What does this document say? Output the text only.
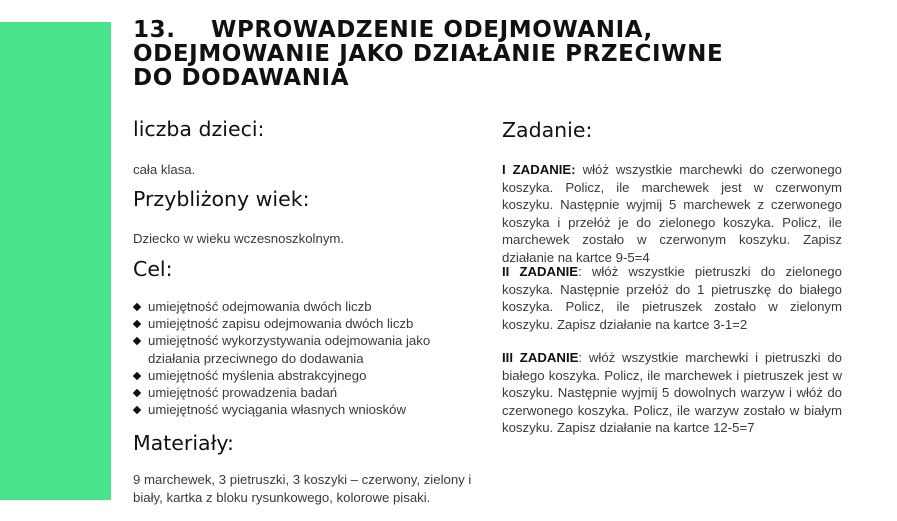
13. WPROWADZENIE ODEJMOWANIA,
ODEJMOWANIE JAKO DZIAŁANIE PRZECIWNE
DO DODAWANIA
liczba dzieci:

cała klasa.

Przybliżony wiek:

Dziecko w wieku wczesnoszkolnym.

Cel:
umiejętność odejmowania dwóch liczb
umiejętność zapisu odejmowania dwóch liczb
umiejętność wykorzystywania odejmowania jako działania przeciwnego do dodawania
umiejętność myślenia abstrakcyjnego
umiejętność prowadzenia badań
umiejętność wyciągania własnych wniosków
Materiały:

9 marchewek, 3 pietruszki, 3 koszyki – czerwony, zielony i biały, kartka z bloku rysunkowego, kolorowe pisaki.

Zadanie:

I ZADANIE: włóż wszystkie marchewki do czerwonego koszyka. Policz, ile marchewek jest w czerwonym koszyku. Następnie wyjmij 5 marchewek z czerwonego koszyka i przełóż je do zielonego koszyka. Policz, ile marchewek zostało w czerwonym koszyku. Zapisz działanie na kartce 9-5=4

II ZADANIE: włóż wszystkie pietruszki do zielonego koszyka. Następnie przełóż do 1 pietruszkę do białego koszyka. Policz, ile pietruszek zostało w zielonym koszyku. Zapisz działanie na kartce 3-1=2

III ZADANIE: włóż wszystkie marchewki i pietruszki do białego koszyka. Policz, ile marchewek i pietruszek jest w koszyku. Następnie wyjmij 5 dowolnych warzyw i włóż do czerwonego koszyka. Policz, ile warzyw zostało w białym koszyku. Zapisz działanie na kartce 12-5=7
